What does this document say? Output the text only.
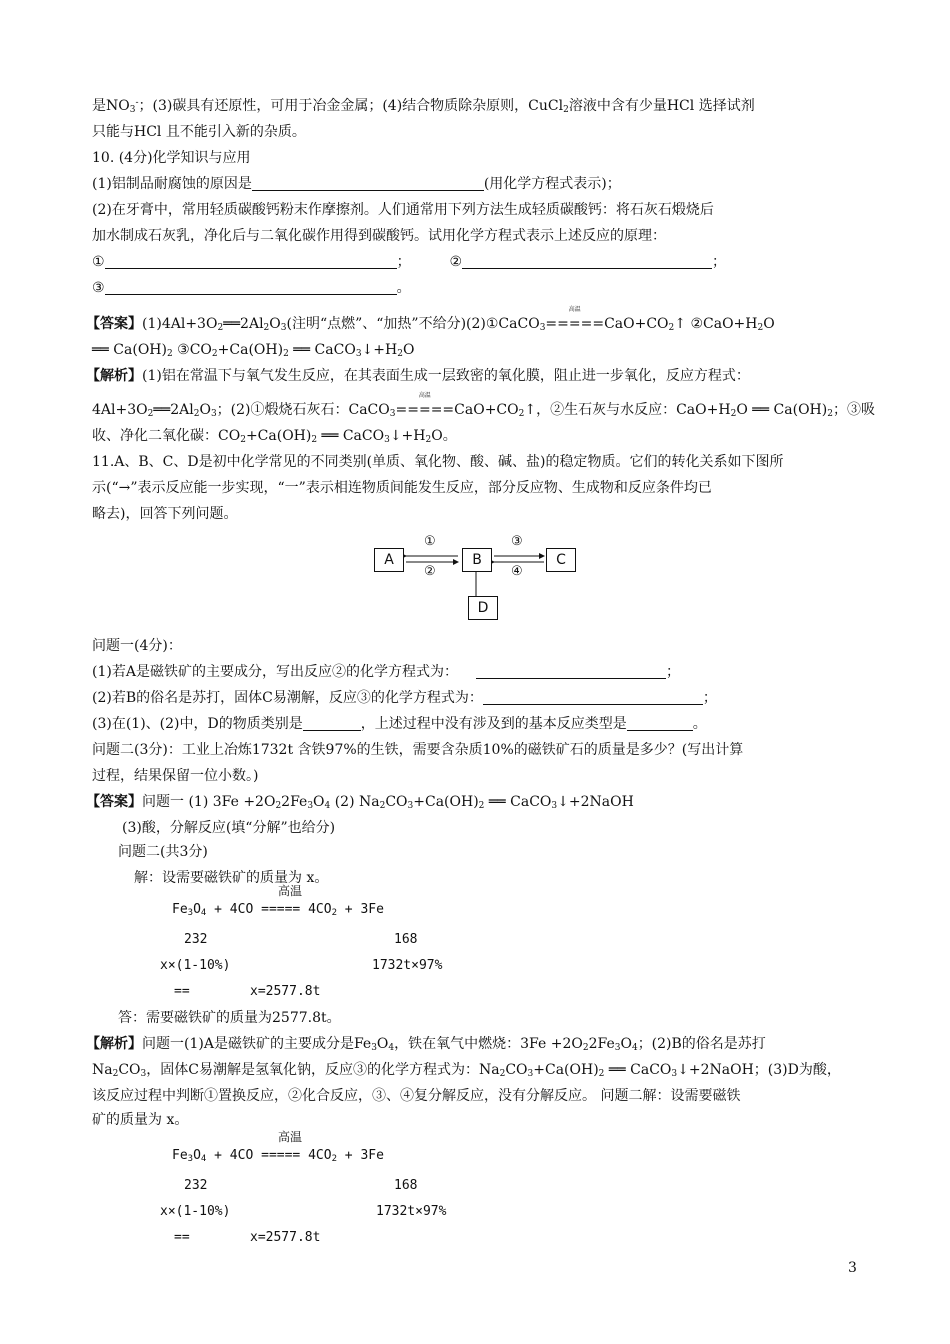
是$NO_3^-$；(3)碳具有还原性，可用于冶金金属；(4)结合物质除杂原则，CuCl$_2$溶液中含有少量HCl 选择试剂
只能与HCl 且不能引入新的杂质。
10. (4分)化学知识与应用
(1)铝制品耐腐蚀的原因是	(用化学方程式表示)；
(2)在牙膏中，常用轻质碳酸钙粉末作摩擦剂。人们通常用下列方法生成轻质碳酸钙：将石灰石煅烧后
加水制成石灰乳，净化后与二氧化碳作用得到碳酸钙。试用化学方程式表示上述反应的原理：
①	；	②	；
③	。
【答案】$(1)4Al+3O_2══2Al_2O_3$(注明“点燃”、“加热”不给分)(2)①CaCO$_3$
高温
$=====CaO+CO_2↑$ $②CaO+H_2O$
══ $Ca(OH)_2$ $③CO_2+Ca(OH)_2$ ══ $CaCO_3↓+H_2O$
【解析】(1)铝在常温下与氧气发生反应，在其表面生成一层致密的氧化膜，阻止进一步氧化，反应方程式：
$4Al+3O_2══2Al_2O_3$；(2)①煅烧石灰石：CaCO$_3$
高温
$=====CaO+CO_2↑$，②生石灰与水反应：$CaO+H_2O$ ══ $Ca(OH)_2$；③吸
收、净化二氧化碳：$CO_2+Ca(OH)_2$ ══ $CaCO_3↓+H_2O$。
11.A、B、C、D是初中化学常见的不同类别(单质、氧化物、酸、碱、盐)的稳定物质。它们的转化关系如下图所
示(“→”表示反应能一步实现，“一”表示相连物质间能发生反应，部分反应物、生成物和反应条件均已
略去)，回答下列问题。
A	B	C
D
①
②
③
④
问题一(4分)：
(1)若A是磁铁矿的主要成分，写出反应②的化学方程式为：	；
(2)若B的俗名是苏打，固体C易潮解，反应③的化学方程式为：	；
(3)在(1)、(2)中，D的物质类别是	，上述过程中没有涉及到的基本反应类型是	。
问题二(3分)：工业上冶炼1732t 含铁97%的生铁，需要含杂质10%的磁铁矿石的质量是多少？(写出计算
过程，结果保留一位小数。)
【答案】问题一 (1) $3Fe +2O_22Fe_3O_4$ (2) $Na_2CO_3+Ca(OH)_2$ ══ CaCO$_3$↓+2NaOH
(3)酸，分解反应(填“分解”也给分)
问题二(共3分)
解：设需要磁铁矿的质量为 x。
$Fe_3O_4 + 4CO$ ===== $4CO_2 + 3Fe$
高温
232	168
x×(1-10%)	1732t×97%
==	x=2577.8t
答：需要磁铁矿的质量为2577.8t。
【解析】问题一(1)A是磁铁矿的主要成分是$Fe_3O_4$，铁在氧气中燃烧：$3Fe +2O_22Fe_3O_4$；(2)B的俗名是苏打
$Na_2CO_3$，固体C易潮解是氢氧化钠，反应③的化学方程式为：$Na_2CO_3+Ca(OH)_2$ ══ CaCO$_3$↓+2NaOH；(3)D为酸，
该反应过程中判断①置换反应，②化合反应，③、④复分解反应，没有分解反应。 问题二解：设需要磁铁
矿的质量为 x。
$Fe_3O_4 + 4CO$ ===== $4CO_2 + 3Fe$
高温
232	168
x×(1-10%)	1732t×97%
==	x=2577.8t
3
